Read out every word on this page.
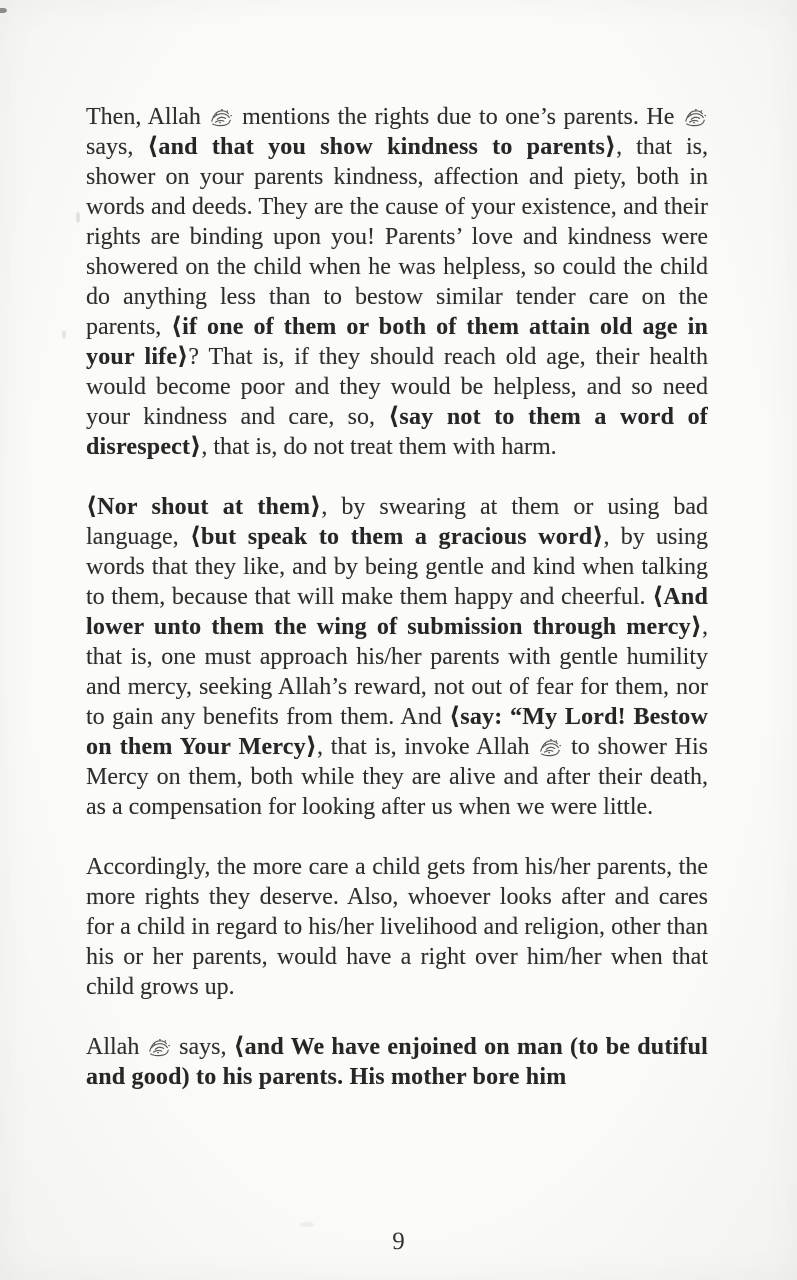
Then, Allah  mentions the rights due to one’s parents. He  says, ⟨and that you show kindness to parents⟩, that is, shower on your parents kindness, affection and piety, both in words and deeds. They are the cause of your existence, and their rights are binding upon you! Parents’ love and kindness were showered on the child when he was helpless, so could the child do anything less than to bestow similar tender care on the parents, ⟨if one of them or both of them attain old age in your life⟩? That is, if they should reach old age, their health would become poor and they would be helpless, and so need your kindness and care, so, ⟨say not to them a word of disrespect⟩, that is, do not treat them with harm.

⟨Nor shout at them⟩, by swearing at them or using bad language, ⟨but speak to them a gracious word⟩, by using words that they like, and by being gentle and kind when talking to them, because that will make them happy and cheerful. ⟨And lower unto them the wing of submission through mercy⟩, that is, one must approach his/her parents with gentle humility and mercy, seeking Allah’s reward, not out of fear for them, nor to gain any benefits from them. And ⟨say: “My Lord! Bestow on them Your Mercy⟩, that is, invoke Allah  to shower His Mercy on them, both while they are alive and after their death, as a compensation for looking after us when we were little.

Accordingly, the more care a child gets from his/her parents, the more rights they deserve. Also, whoever looks after and cares for a child in regard to his/her livelihood and religion, other than his or her parents, would have a right over him/her when that child grows up.

Allah  says, ⟨and We have enjoined on man (to be dutiful and good) to his parents. His mother bore him

9
